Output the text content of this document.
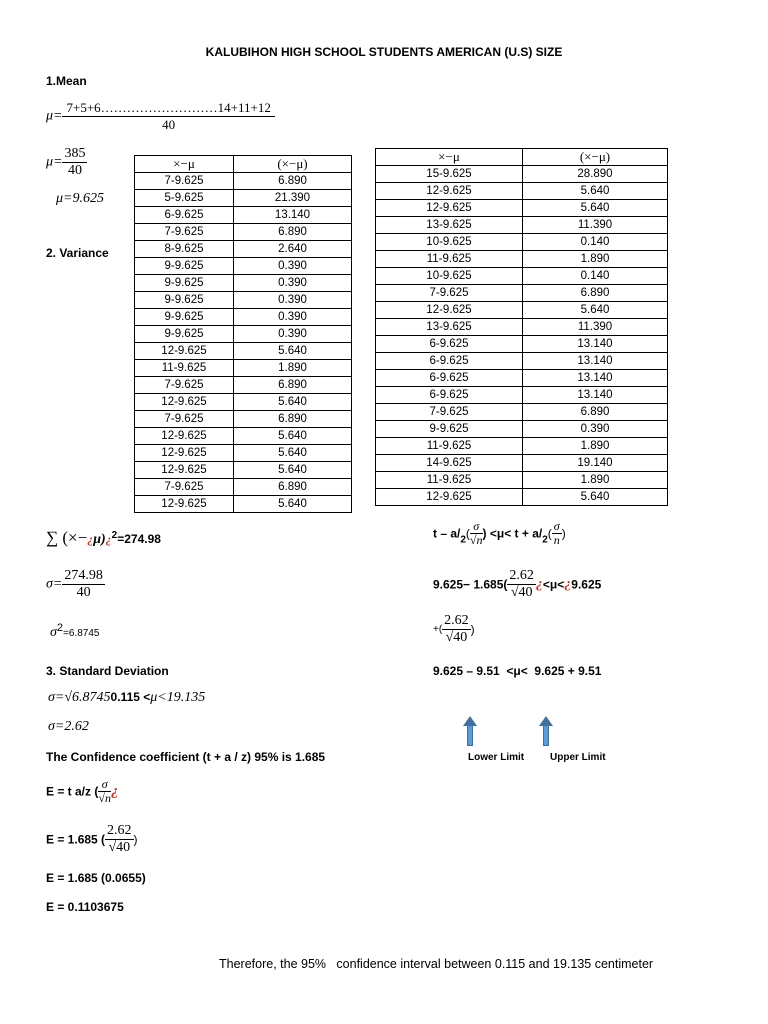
KALUBIHON HIGH SCHOOL STUDENTS AMERICAN (U.S) SIZE
1.Mean
$\mu= \frac{7+5+6\dots\dots\dots\dots\dots\dots\dots\dots\dots 14+11+12}{40}$
$\mu= \frac{385}{40}$
μ=9.625
2. Variance
×−μ	(×−μ)
7-9.625	6.890
5-9.625	21.390
6-9.625	13.140
7-9.625	6.890
8-9.625	2.640
9-9.625	0.390
9-9.625	0.390
9-9.625	0.390
9-9.625	0.390
9-9.625	0.390
12-9.625	5.640
11-9.625	1.890
7-9.625	6.890
12-9.625	5.640
7-9.625	6.890
12-9.625	5.640
12-9.625	5.640
12-9.625	5.640
7-9.625	6.890
12-9.625	5.640
×−μ	(×−μ)
15-9.625	28.890
12-9.625	5.640
12-9.625	5.640
13-9.625	11.390
10-9.625	0.140
11-9.625	1.890
10-9.625	0.140
7-9.625	6.890
12-9.625	5.640
13-9.625	11.390
6-9.625	13.140
6-9.625	13.140
6-9.625	13.140
6-9.625	13.140
7-9.625	6.890
9-9.625	0.390
11-9.625	1.890
14-9.625	19.140
11-9.625	1.890
12-9.625	5.640
∑ (×−¿μ)¿$^2$=274.98
$\sigma= \frac{274.98}{40}$
$\sigma^2=6.8745$
3. Standard Deviation
σ=√6.87450.115 <μ<19.135
σ=2.62
The Confidence coefficient (t + a / z) 95% is 1.685
E = t a/z ( $\frac{\sigma}{√n}$ ¿
E = 1.685 ( $\frac{2.62}{√40}$ )
E = 1.685 (0.0655)
E = 0.1103675
t – $a/_2( \frac{\sigma}{√n}$ ) $<\mu< t + a/_2( \frac{\sigma}{n}$ )
$9.625- 1.685( \frac{2.62}{√40}$ ¿<μ<¿9.625
+( $\frac{2.62}{√40}$ )
9.625 – 9.51  <μ<  9.625 + 9.51
Lower Limit	Upper Limit
Therefore, the 95%   confidence interval between 0.115 and 19.135 centimeter
